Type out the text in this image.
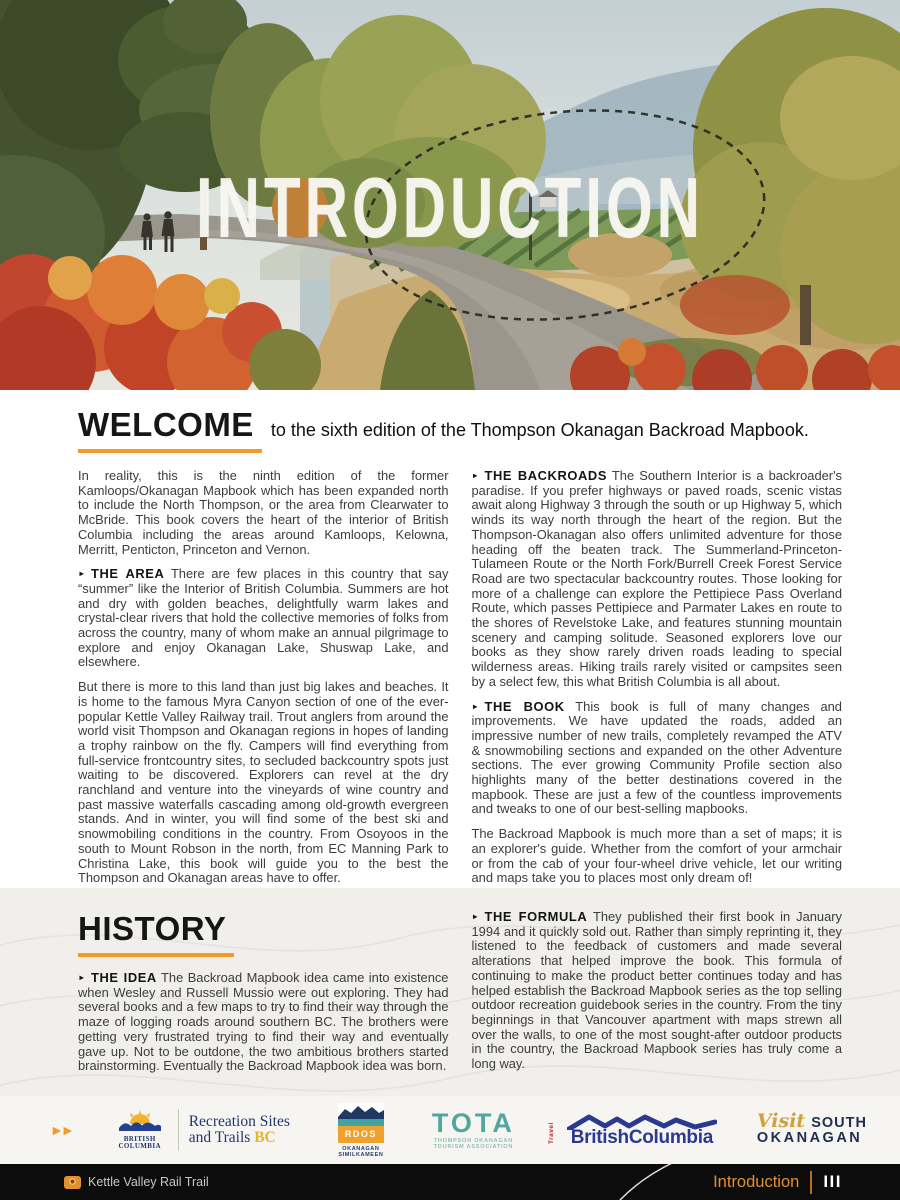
INTRODUCTION
WELCOME to the sixth edition of the Thompson Okanagan Backroad Mapbook.

In reality, this is the ninth edition of the former Kamloops/Okanagan Mapbook which has been expanded north to include the North Thompson, or the area from Clearwater to McBride. This book covers the heart of the interior of British Columbia including the areas around Kamloops, Kelowna, Merritt, Penticton, Princeton and Vernon.

► THE AREA There are few places in this country that say “summer” like the Interior of British Columbia. Summers are hot and dry with golden beaches, delightfully warm lakes and crystal-clear rivers that hold the collective memories of folks from across the country, many of whom make an annual pilgrimage to explore and enjoy Okanagan Lake, Shuswap Lake, and elsewhere.

But there is more to this land than just big lakes and beaches. It is home to the famous Myra Canyon section of one of the ever-popular Kettle Valley Railway trail. Trout anglers from around the world visit Thompson and Okanagan regions in hopes of landing a trophy rainbow on the fly. Campers will find everything from full-service frontcountry sites, to secluded backcountry spots just waiting to be discovered. Explorers can revel at the dry ranchland and venture into the vineyards of wine country and past massive waterfalls cascading among old-growth evergreen stands. And in winter, you will find some of the best ski and snowmobiling conditions in the country. From Osoyoos in the south to Mount Robson in the north, from EC Manning Park to Christina Lake, this book will guide you to the best the Thompson and Okanagan areas have to offer.

► THE BACKROADS The Southern Interior is a backroader's paradise. If you prefer highways or paved roads, scenic vistas await along Highway 3 through the south or up Highway 5, which winds its way north through the heart of the region. But the Thompson-Okanagan also offers unlimited adventure for those heading off the beaten track. The Summerland-Princeton-Tulameen Route or the North Fork/Burrell Creek Forest Service Road are two spectacular backcountry routes. Those looking for more of a challenge can explore the Pettipiece Pass Overland Route, which passes Pettipiece and Parmater Lakes en route to the shores of Revelstoke Lake, and features stunning mountain scenery and camping solitude. Seasoned explorers love our books as they show rarely driven roads leading to special wilderness areas. Hiking trails rarely visited or campsites seen by a select few, this what British Columbia is all about.

► THE BOOK This book is full of many changes and improvements. We have updated the roads, added an impressive number of new trails, completely revamped the ATV & snowmobiling sections and expanded on the other Adventure sections. The ever growing Community Profile section also highlights many of the better destinations covered in the mapbook. These are just a few of the countless improvements and tweaks to one of our best-selling mapbooks.

The Backroad Mapbook is much more than a set of maps; it is an explorer's guide. Whether from the comfort of your armchair or from the cab of your four-wheel drive vehicle, let our writing and maps take you to places most only dream of!

HISTORY

► THE IDEA The Backroad Mapbook idea came into existence when Wesley and Russell Mussio were out exploring. They had several books and a few maps to try to find their way through the maze of logging roads around southern BC. The brothers were getting very frustrated trying to find their way and eventually gave up. Not to be outdone, the two ambitious brothers started brainstorming. Eventually the Backroad Mapbook idea was born.

► THE FORMULA They published their first book in January 1994 and it quickly sold out. Rather than simply reprinting it, they listened to the feedback of customers and made several alterations that helped improve the book. This formula of continuing to make the product better continues today and has helped establish the Backroad Mapbook series as the top selling outdoor recreation guidebook series in the country. From the tiny beginnings in that Vancouver apartment with maps strewn all over the walls, to one of the most sought-after outdoor products in the country, the Backroad Mapbook series has truly come a long way.

►►
BRITISH
COLUMBIA
Recreation Sites
and Trails BC	RDOS
OKANAGAN
SIMILKAMEEN
TOTA
THOMPSON OKANAGAN
TOURISM ASSOCIATION	BritishColumbia
Travel
Visit SOUTH
OKANAGAN
Kettle Valley Rail Trail	Introduction III
